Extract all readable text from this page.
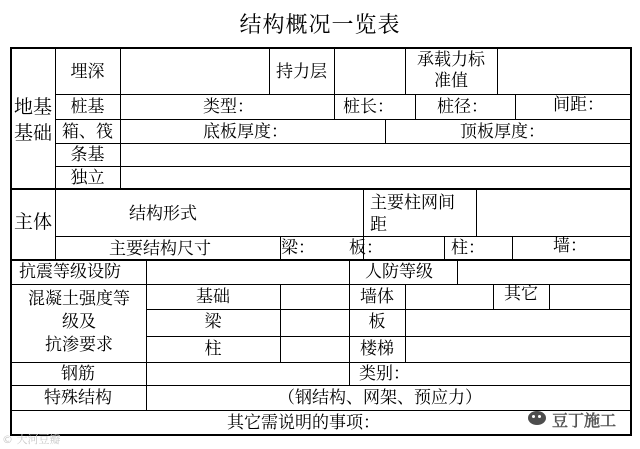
结构概况一览表
地基
基础
埋深	持力层
承载力标
准值
桩基	类型：	桩长：	桩径：	间距：
箱、筏	底板厚度：	顶板厚度：
条基
独立
主体	结构形式
主要柱网间
距
主要结构尺寸	梁： 板：	柱：	墙：
抗震等级设防	人防等级
混凝土强度等
级及
抗渗要求
基础	墙体	其它
梁	板
柱	楼梯
钢筋	类别：
特殊结构	（钢结构、网架、预应力）
其它需说明的事项：
© 大河豆瓣
豆丁施工
